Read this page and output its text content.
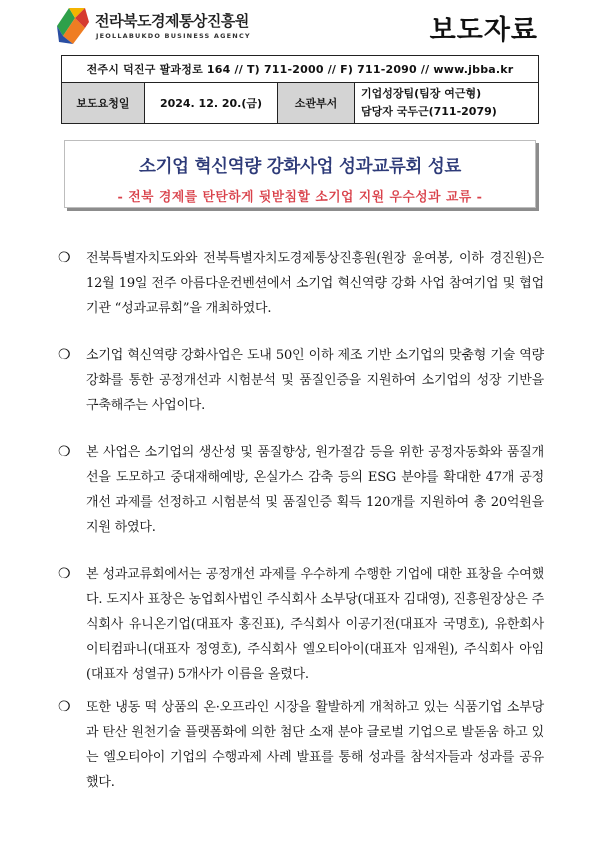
전라북도경제통상진흥원
JEOLLABUKDO BUSINESS AGENCY	보도자료
전주시 덕진구 팔과정로 164 // T) 711-2000 // F) 711-2090 // www.jbba.kr
보도요청일	2024. 12. 20.(금)	소관부서	
기업성장팀(팀장 여근형)
담당자 국두근(711-2079)
소기업 혁신역량 강화사업 성과교류회 성료
- 전북 경제를 탄탄하게 뒷받침할 소기업 지원 우수성과 교류 -
❍ 전북특별자치도와와 전북특별자치도경제통상진흥원(원장 윤여봉, 이하 경진원)은 12월 19일 전주 아름다운컨벤션에서 소기업 혁신역량 강화 사업 참여기업 및 협업기관 “성과교류회”을 개최하였다.
❍ 소기업 혁신역량 강화사업은 도내 50인 이하 제조 기반 소기업의 맞춤형 기술 역량 강화를 통한 공정개선과 시험분석 및 품질인증을 지원하여 소기업의 성장 기반을 구축해주는 사업이다.
❍ 본 사업은 소기업의 생산성 및 품질향상, 원가절감 등을 위한 공정자동화와 품질개선을 도모하고 중대재해예방, 온실가스 감축 등의 ESG 분야를 확대한 47개 공정개선 과제를 선정하고 시험분석 및 품질인증 획득 120개를 지원하여 총 20억원을 지원 하였다.
❍ 본 성과교류회에서는 공정개선 과제를 우수하게 수행한 기업에 대한 표창을 수여했다. 도지사 표창은 농업회사법인 주식회사 소부당(대표자 김대영), 진흥원장상은 주식회사 유니온기업(대표자 홍진표), 주식회사 이공기전(대표자 국명호), 유한회사 이티컴파니(대표자 정영호), 주식회사 엘오티아이(대표자 임재원), 주식회사 아임(대표자 성열규) 5개사가 이름을 올렸다.
❍ 또한 냉동 떡 상품의 온·오프라인 시장을 활발하게 개척하고 있는 식품기업 소부당과 탄산 원천기술 플랫폼화에 의한 첨단 소재 분야 글로벌 기업으로 발돋움 하고 있는 엘오티아이 기업의 수행과제 사례 발표를 통해 성과를 참석자들과 성과를 공유했다.
